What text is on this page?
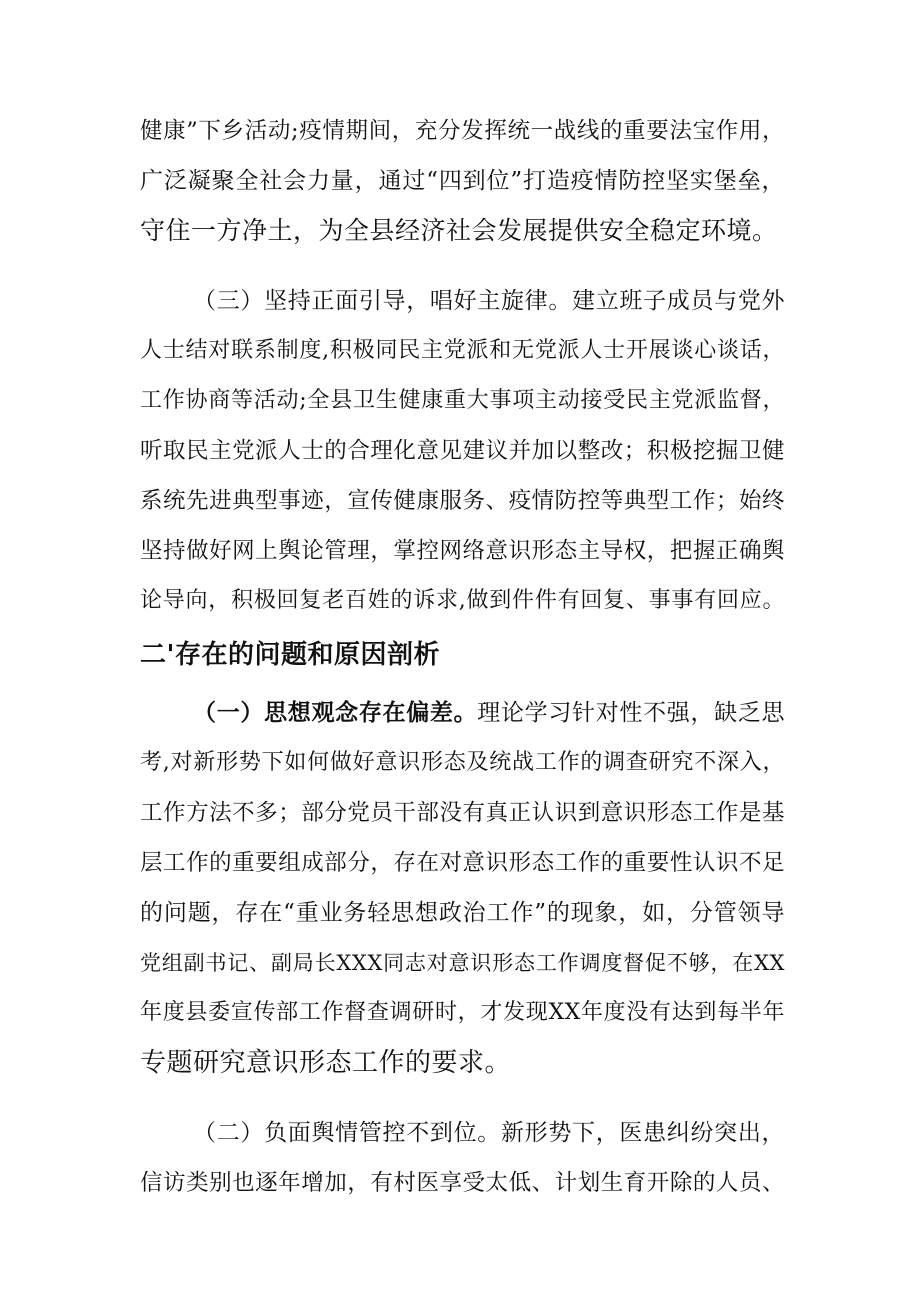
健康”下乡活动;疫情期间，充分发挥统一战线的重要法宝作用，
广泛凝聚全社会力量，通过“四到位”打造疫情防控坚实堡垒，
守住一方净土，为全县经济社会发展提供安全稳定环境。
（三）坚持正面引导，唱好主旋律。建立班子成员与党外
人士结对联系制度,积极同民主党派和无党派人士开展谈心谈话，
工作协商等活动;全县卫生健康重大事项主动接受民主党派监督，
听取民主党派人士的合理化意见建议并加以整改；积极挖掘卫健
系统先进典型事迹，宣传健康服务、疫情防控等典型工作；始终
坚持做好网上舆论管理，掌控网络意识形态主导权，把握正确舆
论导向，积极回复老百姓的诉求,做到件件有回复、事事有回应。
二'存在的问题和原因剖析
（一）思想观念存在偏差。理论学习针对性不强，缺乏思
考,对新形势下如何做好意识形态及统战工作的调查研究不深入，
工作方法不多；部分党员干部没有真正认识到意识形态工作是基
层工作的重要组成部分，存在对意识形态工作的重要性认识不足
的问题，存在“重业务轻思想政治工作”的现象，如，分管领导
党组副书记、副局长XXX同志对意识形态工作调度督促不够，在XX
年度县委宣传部工作督查调研时，才发现XX年度没有达到每半年
专题研究意识形态工作的要求。
（二）负面舆情管控不到位。新形势下，医患纠纷突出，
信访类别也逐年增加，有村医享受太低、计划生育开除的人员、
